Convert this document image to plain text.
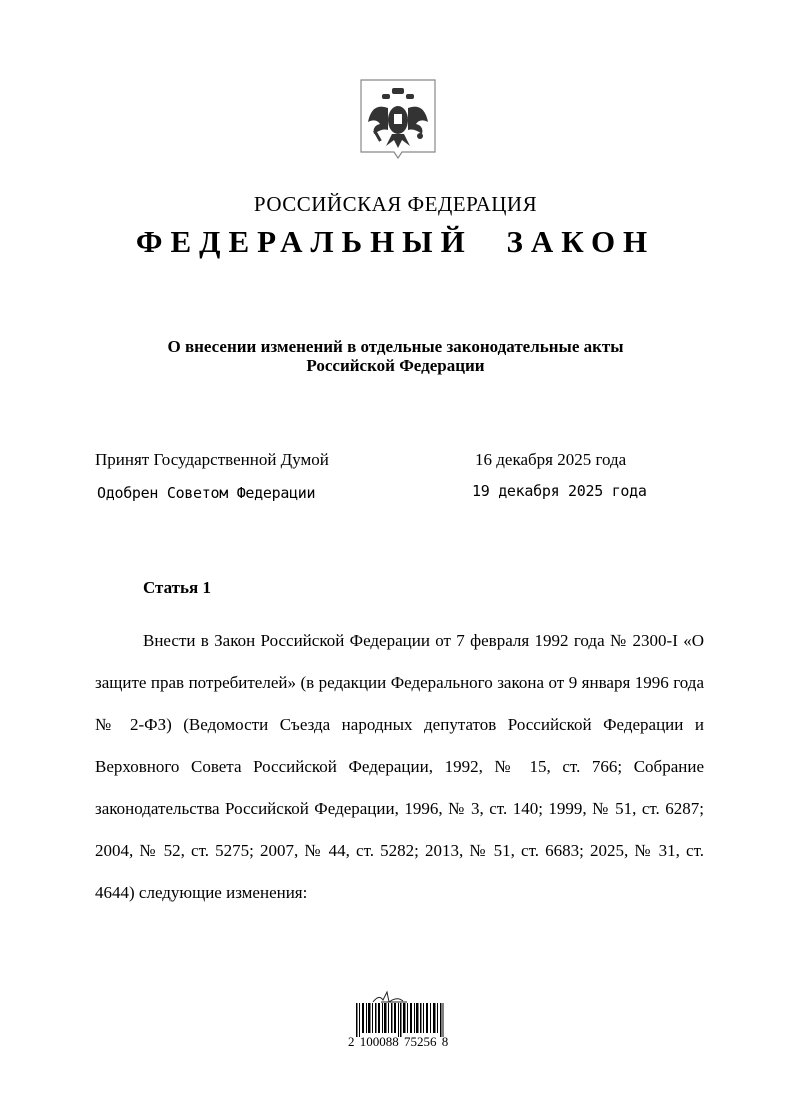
РОССИЙСКАЯ ФЕДЕРАЦИЯ
ФЕДЕРАЛЬНЫЙ ЗАКОН
О внесении изменений в отдельные законодательные акты
Российской Федерации
Принят Государственной Думой	16 декабря 2025 года
Одобрен Советом Федерации	19 декабря 2025 года
Статья 1
Внести в Закон Российской Федерации от 7 февраля 1992 года № 2300-I «О защите прав потребителей» (в редакции Федерального закона от 9 января 1996 года № 2-ФЗ) (Ведомости Съезда народных депутатов Российской Федерации и Верховного Совета Российской Федерации, 1992, № 15, ст. 766; Собрание законодательства Российской Федерации, 1996, № 3, ст. 140; 1999, № 51, ст. 6287; 2004, № 52, ст. 5275; 2007, № 44, ст. 5282; 2013, № 51, ст. 6683; 2025, № 31, ст. 4644) следующие изменения:
2 100088 75256 8
